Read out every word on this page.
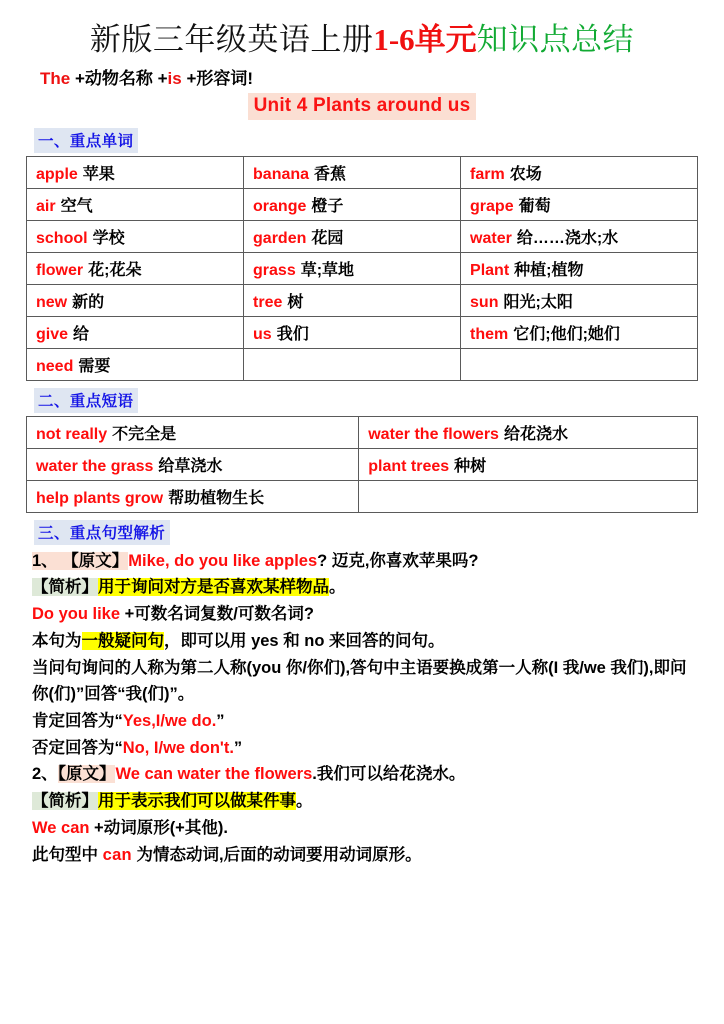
新版三年级英语上册1-6单元知识点总结
The +动物名称 +is +形容词!
Unit 4 Plants around us
一、重点单词
apple 苹果	banana 香蕉	farm 农场
air 空气	orange 橙子	grape 葡萄
school 学校	garden 花园	water 给……浇水;水
flower 花;花朵	grass 草;草地	Plant 种植;植物
new 新的	tree 树	sun 阳光;太阳
give 给	us 我们	them 它们;他们;她们
need 需要		
二、重点短语
not really 不完全是	water the flowers 给花浇水
water the grass 给草浇水	plant trees 种树
help plants grow 帮助植物生长	
三、重点句型解析
1、 【原文】Mike, do you like apples? 迈克,你喜欢苹果吗?
【简析】用于询问对方是否喜欢某样物品。
Do you like +可数名词复数/可数名词?
本句为一般疑问句，即可以用 yes 和 no 来回答的问句。
当问句询问的人称为第二人称(you 你/你们),答句中主语要换成第一人称(I 我/we 我们),即问你(们)”回答“我(们)”。
肯定回答为“Yes,I/we do.”
否定回答为“No, I/we don't.”
2、【原文】We can water the flowers.我们可以给花浇水。
【简析】用于表示我们可以做某件事。
We can +动词原形(+其他).
此句型中 can 为情态动词,后面的动词要用动词原形。
